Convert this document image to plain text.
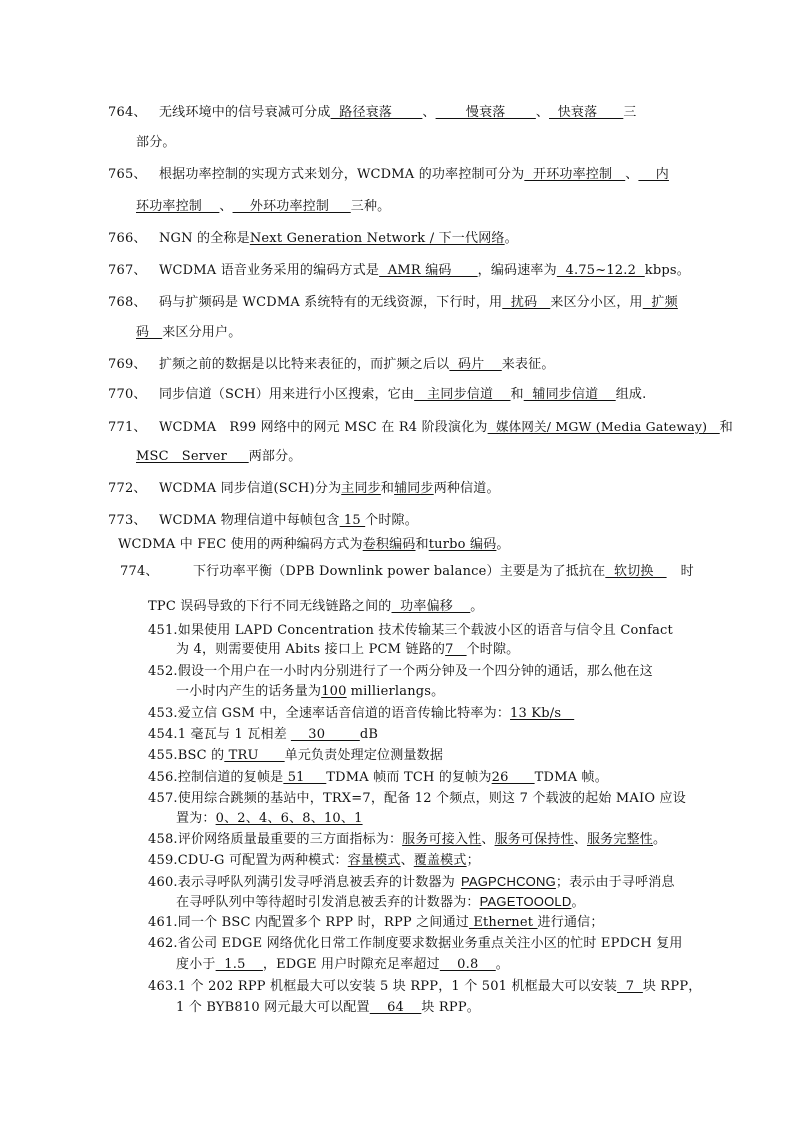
764、 无线环境中的信号衰减可分成  路径衰落       、       慢衰落       、  快衰落      三
部分。
765、 根据功率控制的实现方式来划分，WCDMA 的功率控制可分为  开环功率控制   、    内
环功率控制    、    外环功率控制     三种。
766、 NGN 的全称是Next Generation Network / 下一代网络。
767、 WCDMA 语音业务采用的编码方式是  AMR 编码      ，编码速率为  4.75~12.2  kbps。
768、 码与扩频码是 WCDMA 系统特有的无线资源，下行时，用  扰码   来区分小区，用  扩频
码   来区分用户。
769、 扩频之前的数据是以比特来表征的，而扩频之后以  码片    来表征。
770、 同步信道（SCH）用来进行小区搜索，它由   主同步信道    和  辅同步信道    组成.
771、 WCDMA   R99 网络中的网元 MSC 在 R4 阶段演化为  媒体网关/ MGW (Media Gateway)   和
MSC   Server     两部分。
772、 WCDMA 同步信道(SCH)分为主同步和辅同步两种信道。
773、 WCDMA 物理信道中每帧包含 15 个时隙。
WCDMA 中 FEC 使用的两种编码方式为卷积编码和turbo 编码。
774、	下行功率平衡（DPB Downlink power balance）主要是为了抵抗在  软切换   时
TPC 误码导致的下行不同无线链路之间的  功率偏移    。
451.如果使用 LAPD Concentration 技术传输某三个载波小区的语音与信令且 Confact
为 4，则需要使用 Abits 接口上 PCM 链路的7   个时隙。
452.假设一个用户在一小时内分别进行了一个两分钟及一个四分钟的通话，那么他在这
一小时内产生的话务量为100 millierlangs。
453.爱立信 GSM 中，全速率话音信道的语音传输比特率为：13 Kb/s
454.1 毫瓦与 1 瓦相差    30        dB
455.BSC 的 TRU      单元负责处理定位测量数据
456.控制信道的复帧是 51     TDMA 帧而 TCH 的复帧为26      TDMA 帧。
457.使用综合跳频的基站中，TRX=7，配备 12 个频点，则这 7 个载波的起始 MAIO 应设
置为：0、2、4、6、8、10、1
458.评价网络质量最重要的三方面指标为：服务可接入性、服务可保持性、服务完整性。
459.CDU-G 可配置为两种模式：容量模式、覆盖模式；
460.表示寻呼队列满引发寻呼消息被丢弃的计数器为 PAGPCHCONG；表示由于寻呼消息
在寻呼队列中等待超时引发消息被丢弃的计数器为：PAGETOOOLD。
461.同一个 BSC 内配置多个 RPP 时，RPP 之间通过 Ethernet 进行通信；
462.省公司 EDGE 网络优化日常工作制度要求数据业务重点关注小区的忙时 EPDCH 复用
度小于  1.5    ，EDGE 用户时隙充足率超过    0.8    。
463.1 个 202 RPP 机框最大可以安装 5 块 RPP，1 个 501 机框最大可以安装  7  块 RPP，
1 个 BYB810 网元最大可以配置    64    块 RPP。
